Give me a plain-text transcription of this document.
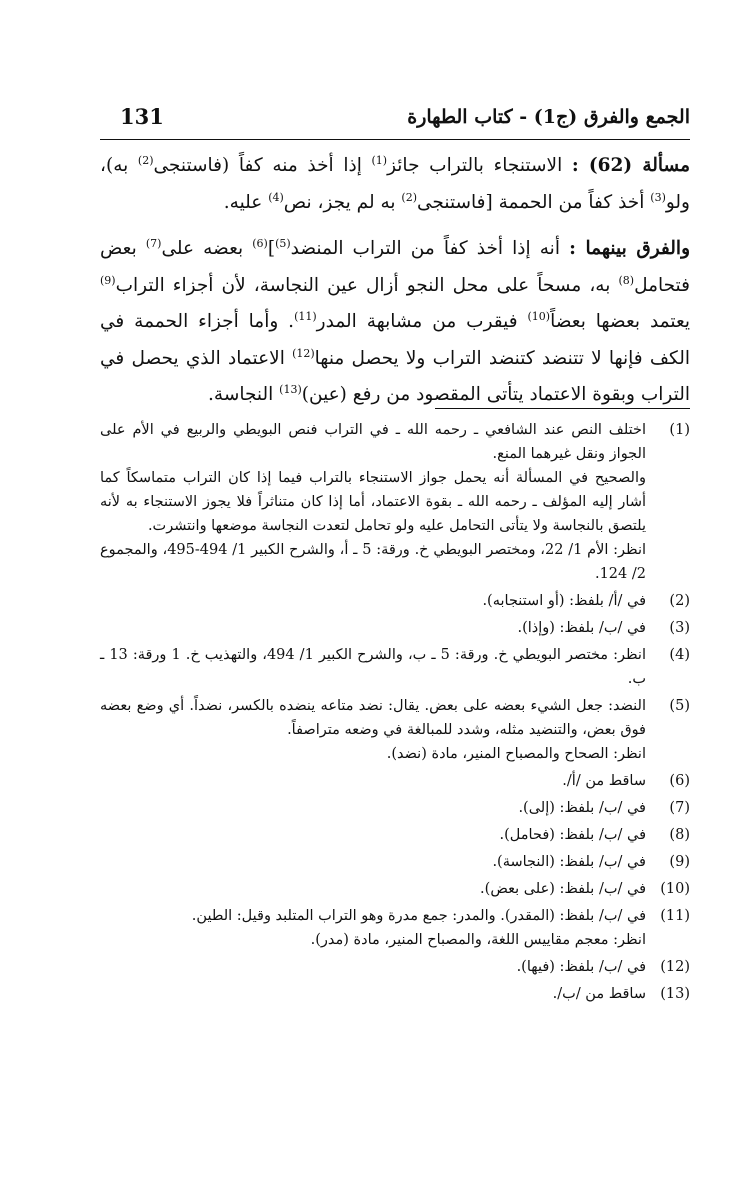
131	الجمع والفرق (ج1) - كتاب الطهارة

مسألة (62) : الاستنجاء بالتراب جائز$^{(1)}$ إذا أخذ منه كفاً (فاستنجى$^{(2)}$ به)، ولو$^{(3)}$ أخذ كفاً من الحممة [فاستنجى$^{(2)}$ به لم يجز، نص$^{(4)}$ عليه.

والفرق بينهما : أنه إذا أخذ كفاً من التراب المنضد$^{(5)}$]$^{(6)}$ بعضه على$^{(7)}$ بعض فتحامل$^{(8)}$ به، مسحاً على محل النجو أزال عين النجاسة، لأن أجزاء التراب$^{(9)}$ يعتمد بعضها بعضاً$^{(10)}$ فيقرب من مشابهة المدر$^{(11)}$. وأما أجزاء الحممة في الكف فإنها لا تتنضد كتنضد التراب ولا يحصل منها$^{(12)}$ الاعتماد الذي يحصل في التراب وبقوة الاعتماد يتأتى المقصود من رفع (عين)$^{(13)}$ النجاسة.

(1)
اختلف النص عند الشافعي ـ رحمه الله ـ في التراب فنص البويطي والربيع في الأم على الجواز ونقل غيرهما المنع.
والصحيح في المسألة أنه يحمل جواز الاستنجاء بالتراب فيما إذا كان التراب متماسكاً كما أشار إليه المؤلف ـ رحمه الله ـ بقوة الاعتماد، أما إذا كان متناثراً فلا يجوز الاستنجاء به لأنه يلتصق بالنجاسة ولا يتأتى التحامل عليه ولو تحامل لتعدت النجاسة موضعها وانتشرت.
انظر: الأم 1/ 22، ومختصر البويطي خ. ورقة: 5 ـ أ، والشرح الكبير 1/ 494-495، والمجموع 2/ 124.
(2)
في /أ/ بلفظ: (أو استنجابه).
(3)
في /ب/ بلفظ: (وإذا).
(4)
انظر: مختصر البويطي خ. ورقة: 5 ـ ب، والشرح الكبير 1/ 494، والتهذيب خ. 1 ورقة: 13 ـ ب.
(5)
النضد: جعل الشيء بعضه على بعض. يقال: نضد متاعه ينضده بالكسر، نضداً. أي وضع بعضه فوق بعض، والتنضيد مثله، وشدد للمبالغة في وضعه متراصفاً.
انظر: الصحاح والمصباح المنير، مادة (نضد).
(6)
ساقط من /أ/.
(7)
في /ب/ بلفظ: (إلى).
(8)
في /ب/ بلفظ: (فحامل).
(9)
في /ب/ بلفظ: (النجاسة).
(10)
في /ب/ بلفظ: (على بعض).
(11)
في /ب/ بلفظ: (المقدر). والمدر: جمع مدرة وهو التراب المتلبد وقيل: الطين.
انظر: معجم مقاييس اللغة، والمصباح المنير، مادة (مدر).
(12)
في /ب/ بلفظ: (فيها).
(13)
ساقط من /ب/.
